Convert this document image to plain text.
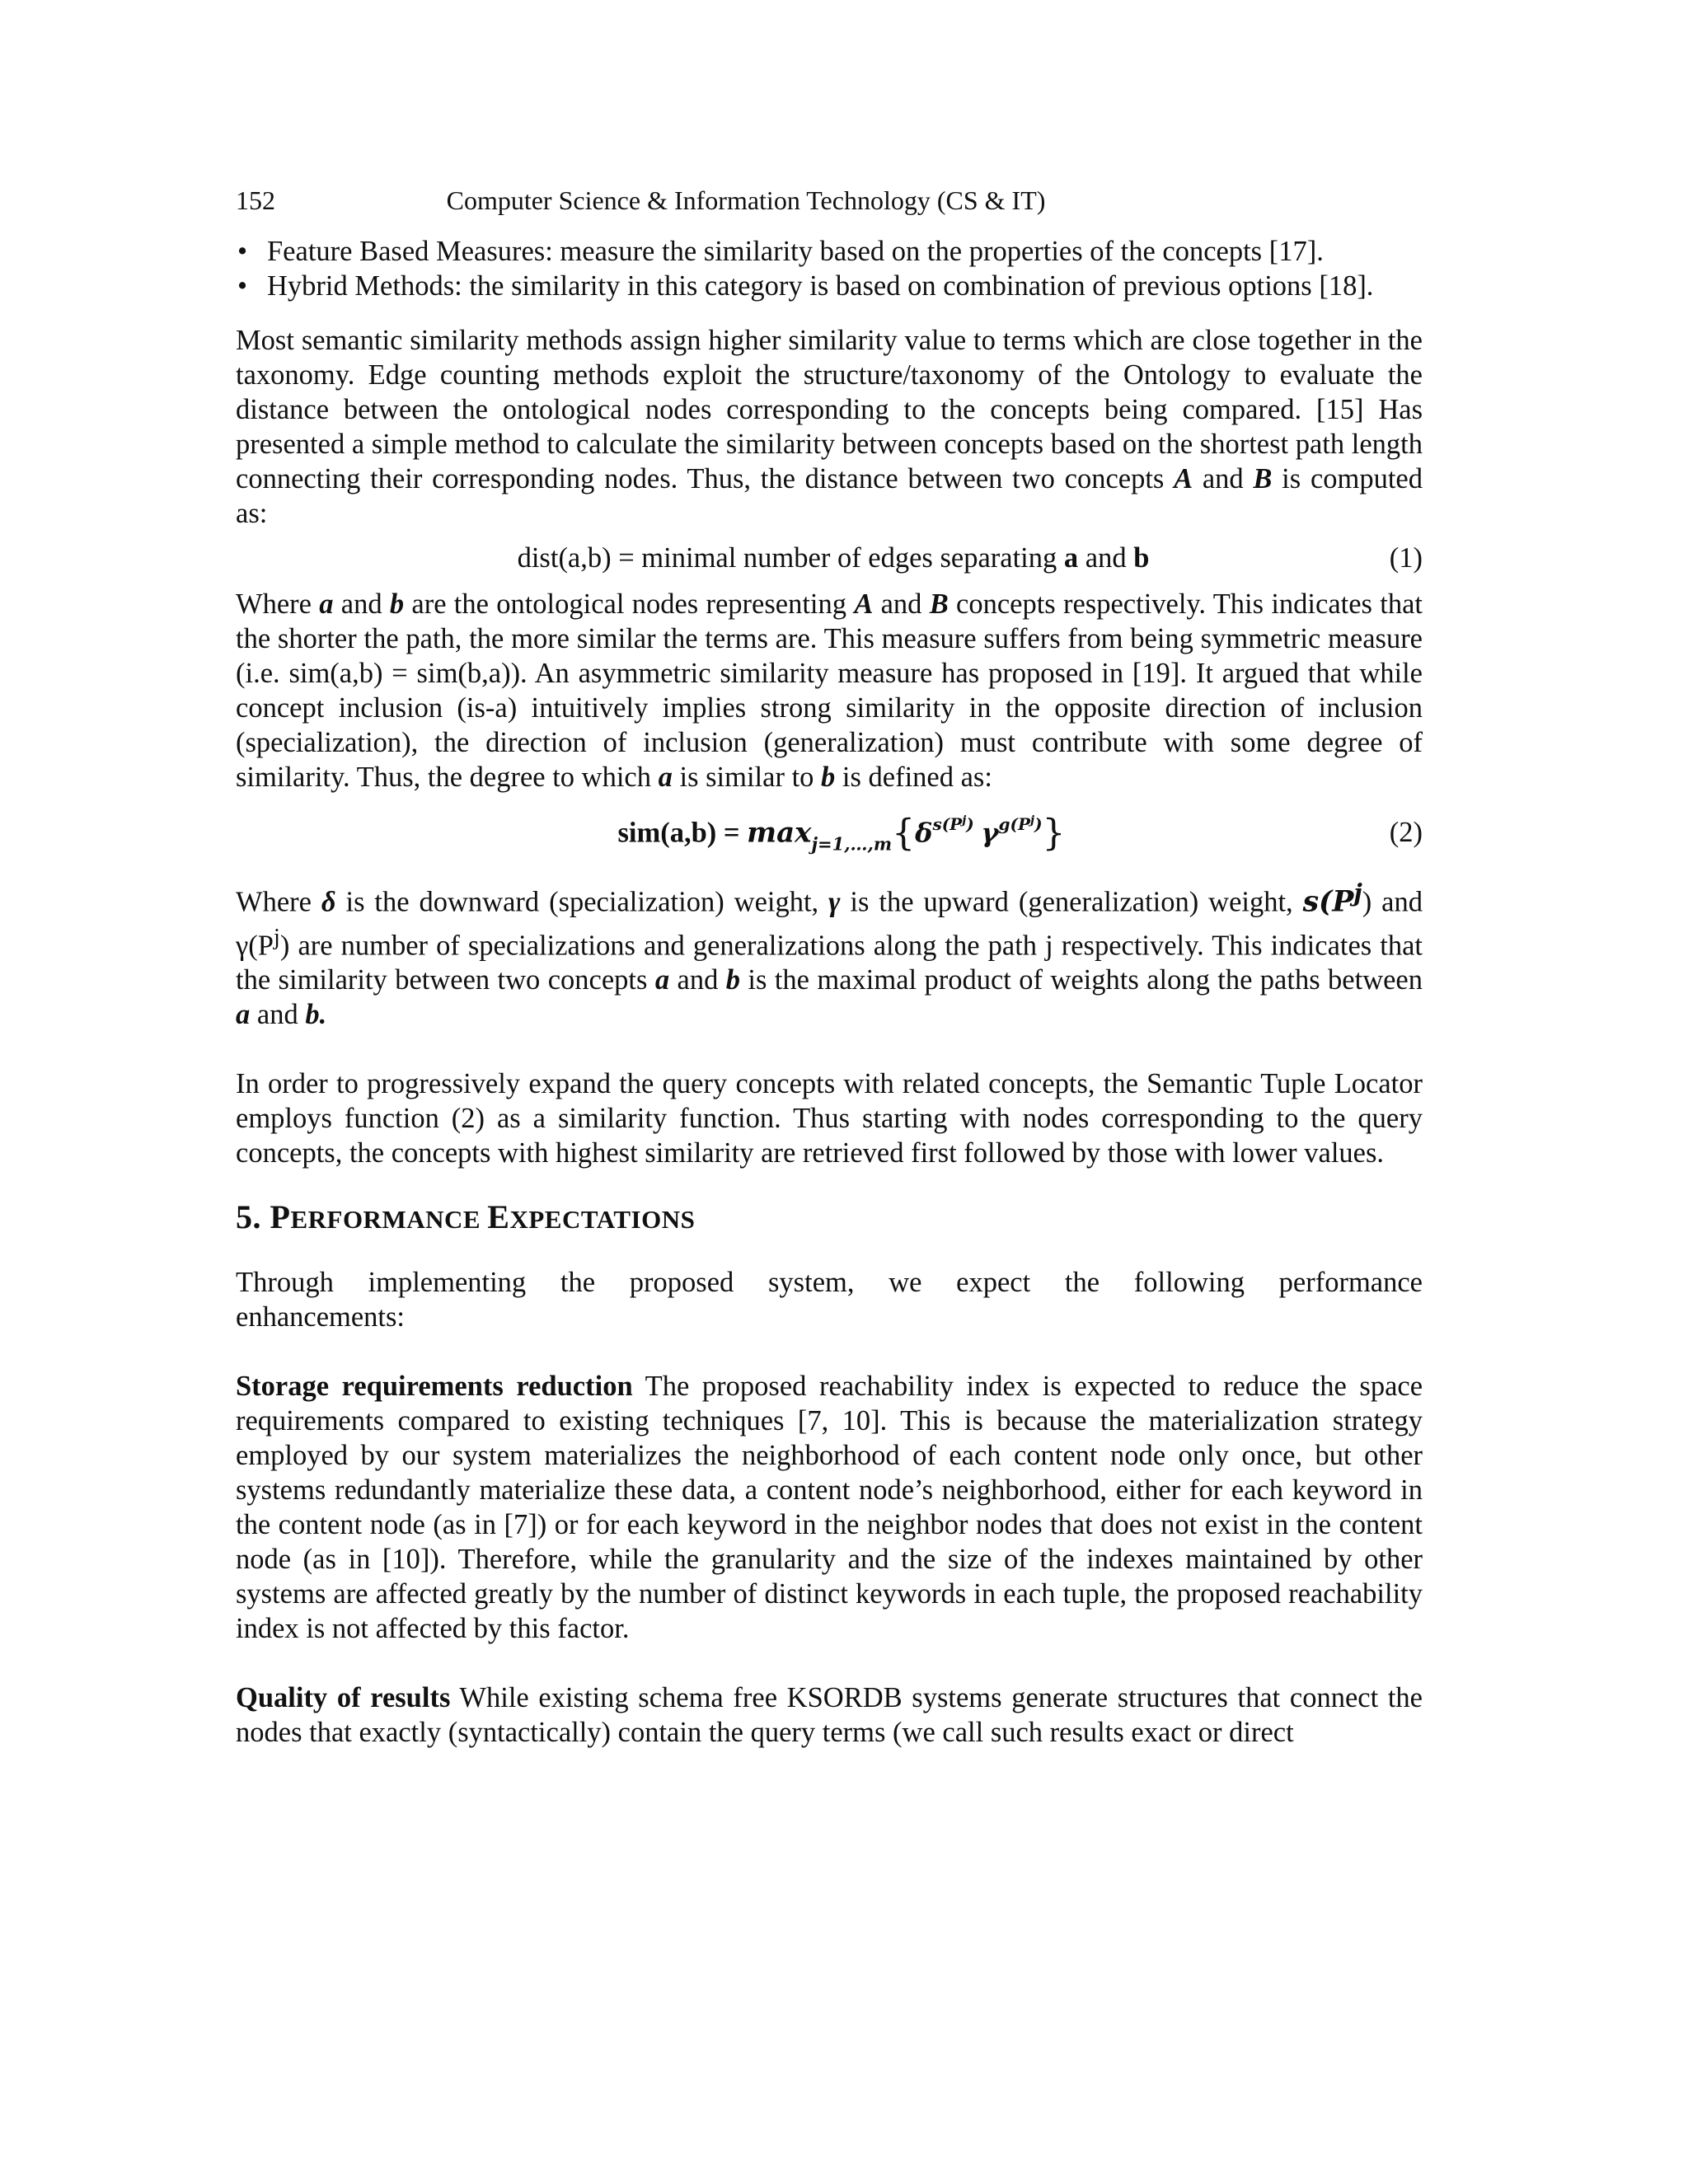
152	Computer Science & Information Technology (CS & IT)
• Feature Based Measures: measure the similarity based on the properties of the concepts [17].
• Hybrid Methods: the similarity in this category is based on combination of previous options [18].

Most semantic similarity methods assign higher similarity value to terms which are close together in the taxonomy. Edge counting methods exploit the structure/taxonomy of the Ontology to evaluate the distance between the ontological nodes corresponding to the concepts being compared. [15] Has presented a simple method to calculate the similarity between concepts based on the shortest path length connecting their corresponding nodes. Thus, the distance between two concepts A and B is computed as:

dist(a,b) = minimal number of edges separating a and b	(1)

Where a and b are the ontological nodes representing A and B concepts respectively. This indicates that the shorter the path, the more similar the terms are. This measure suffers from being symmetric measure (i.e. sim(a,b) = sim(b,a)). An asymmetric similarity measure has proposed in [19]. It argued that while concept inclusion (is-a) intuitively implies strong similarity in the opposite direction of inclusion (specialization), the direction of inclusion (generalization) must contribute with some degree of similarity. Thus, the degree to which a is similar to b is defined as:

$sim(a,b) = \max_{j=1,\dots,m}\{\delta^{s(P^j)}$ $\gamma^{g(P^j)}$}	(2)

Where δ is the downward (specialization) weight, γ is the upward (generalization) weight, $s(P^j)$ and $\gamma(P^j)$ are number of specializations and generalizations along the path j respectively. This indicates that the similarity between two concepts a and b is the maximal product of weights along the paths between a and b.

In order to progressively expand the query concepts with related concepts, the Semantic Tuple Locator employs function (2) as a similarity function. Thus starting with nodes corresponding to the query concepts, the concepts with highest similarity are retrieved first followed by those with lower values.

5. PERFORMANCE EXPECTATIONS

Through implementing the proposed system, we expect the following performance

enhancements:

Storage requirements reduction The proposed reachability index is expected to reduce the space requirements compared to existing techniques [7, 10]. This is because the materialization strategy employed by our system materializes the neighborhood of each content node only once, but other systems redundantly materialize these data, a content node’s neighborhood, either for each keyword in the content node (as in [7]) or for each keyword in the neighbor nodes that does not exist in the content node (as in [10]). Therefore, while the granularity and the size of the indexes maintained by other systems are affected greatly by the number of distinct keywords in each tuple, the proposed reachability index is not affected by this factor.

Quality of results While existing schema free KSORDB systems generate structures that connect the nodes that exactly (syntactically) contain the query terms (we call such results exact or direct
